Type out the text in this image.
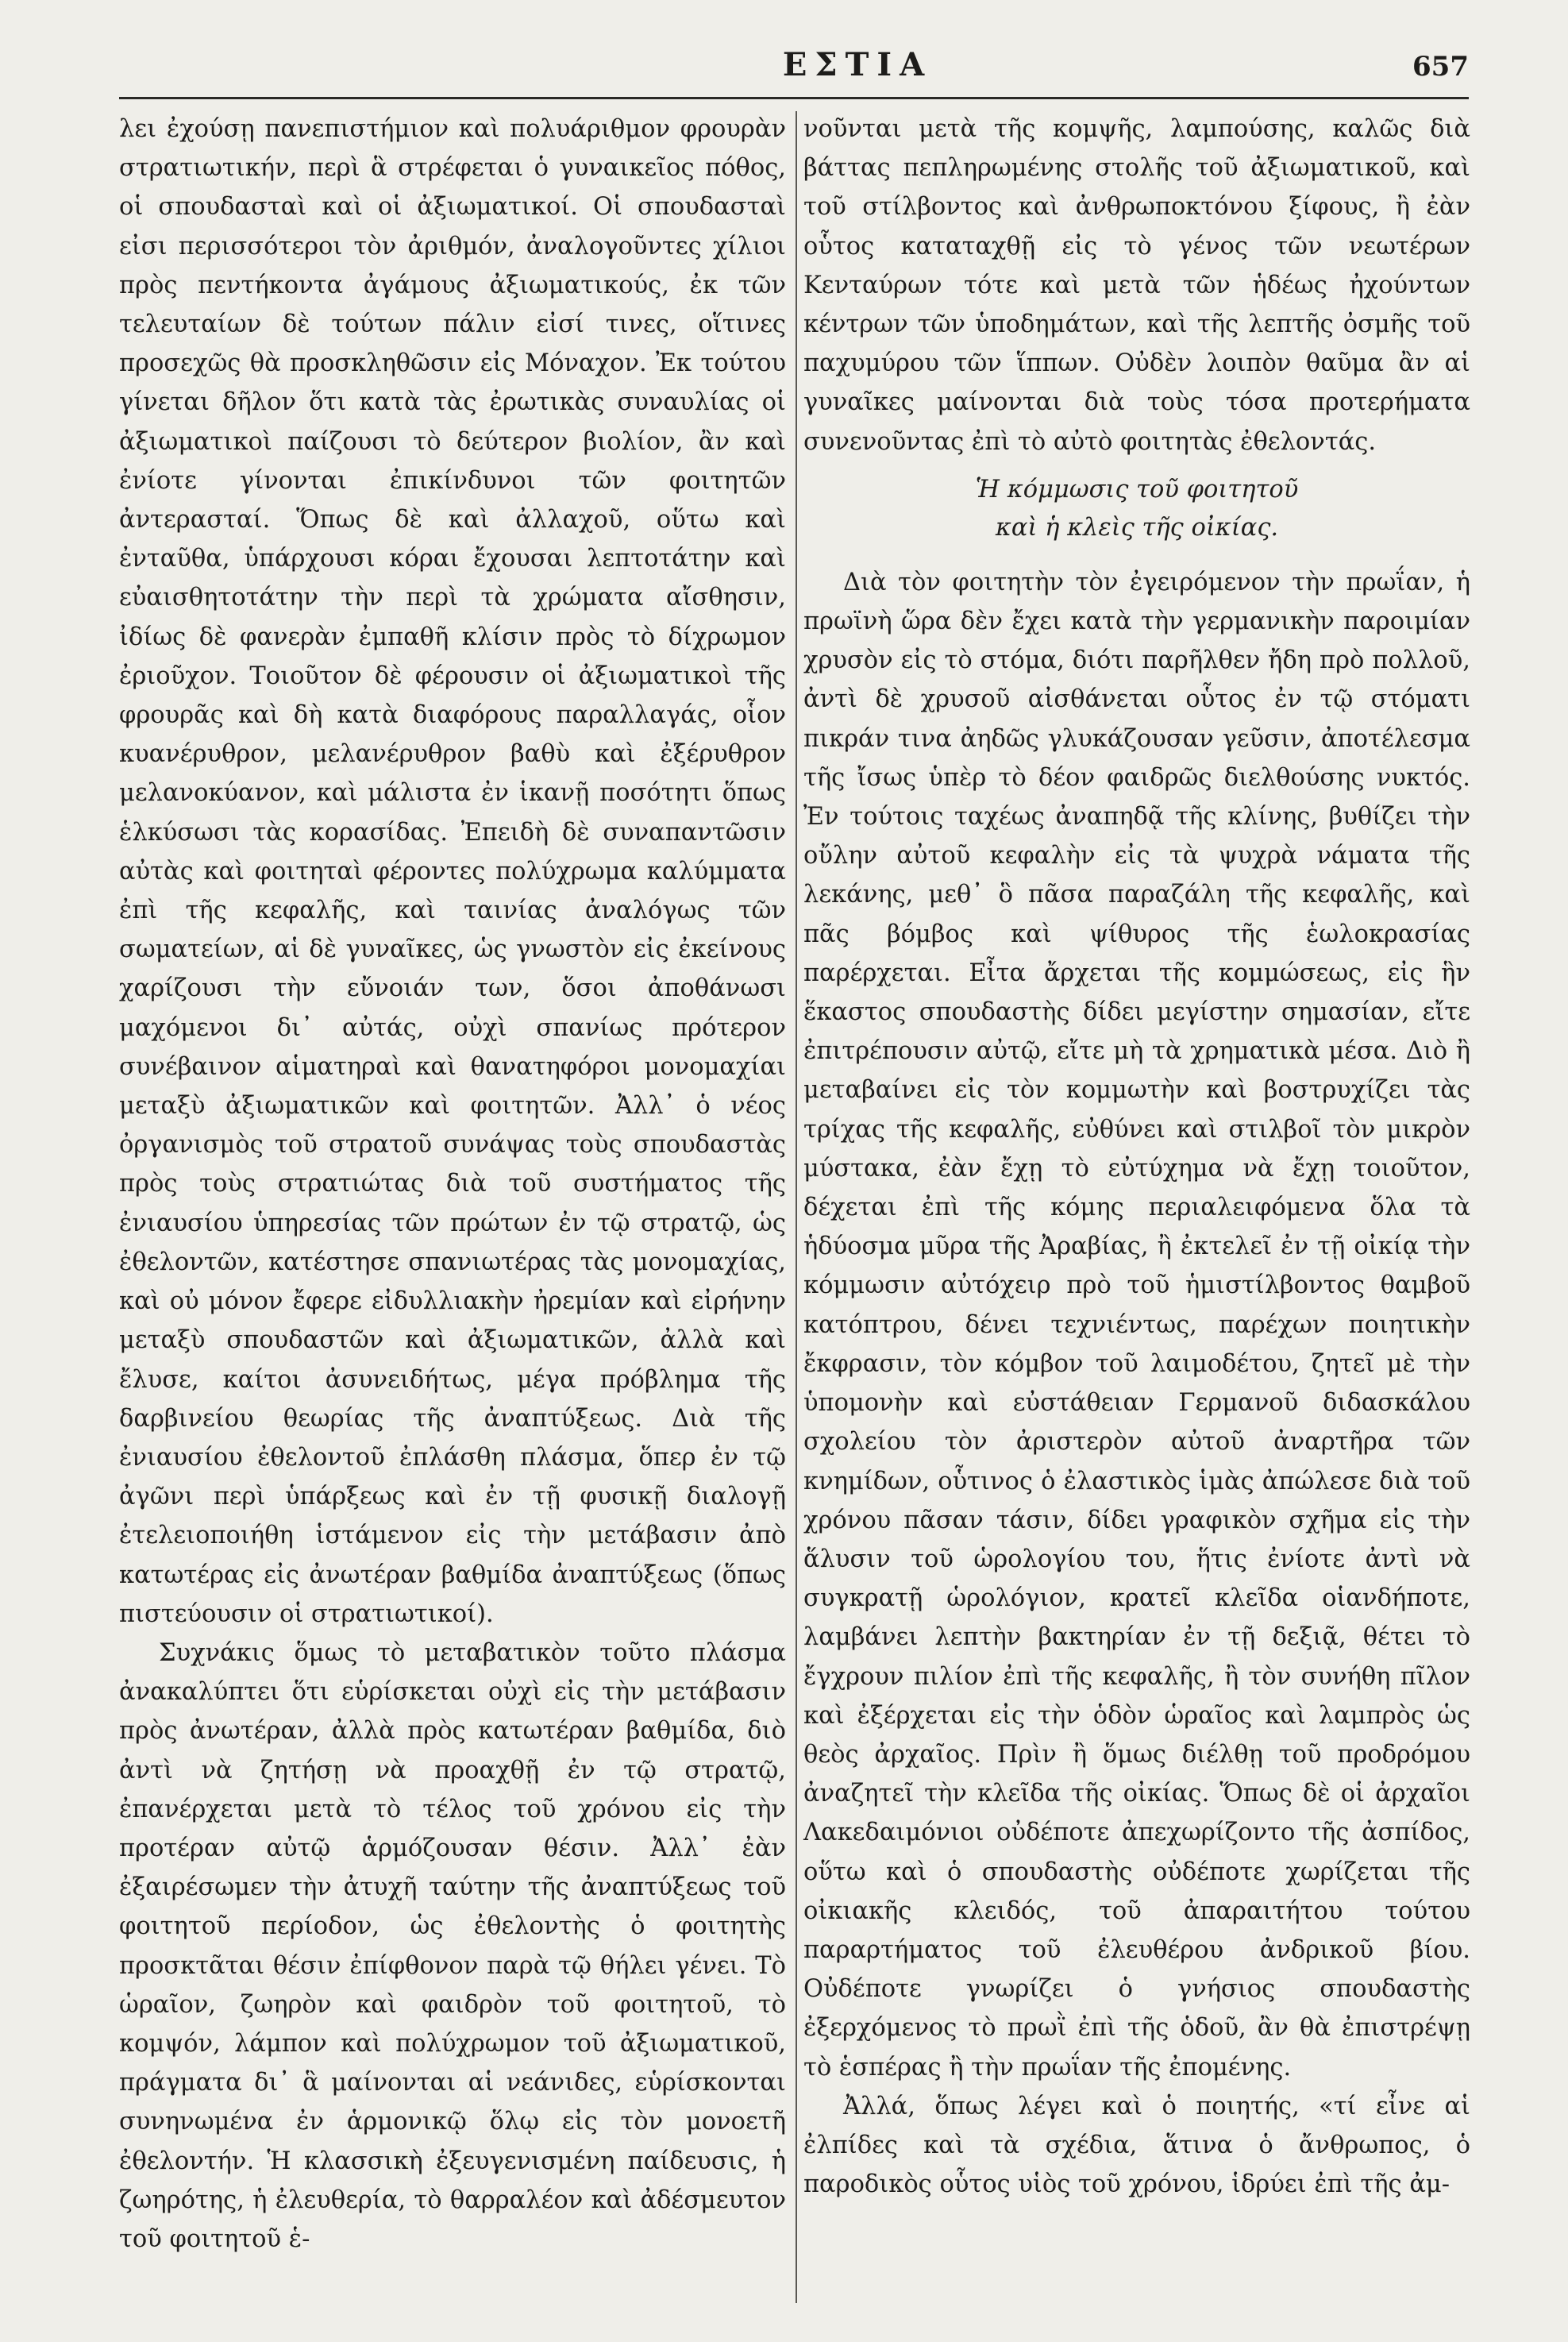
ΕΣΤΙΑ	657

λει ἐχούσῃ πανεπιστήμιον καὶ πολυάριθμον φρουρὰν στρατιωτικήν, περὶ ἃ στρέφεται ὁ γυναικεῖος πόθος, οἱ σπουδασταὶ καὶ οἱ ἀξιωματικοί. Οἱ σπουδασταὶ εἰσι περισσότεροι τὸν ἀριθμόν, ἀναλογοῦντες χίλιοι πρὸς πεντήκοντα ἀγάμους ἀξιωματικούς, ἐκ τῶν τελευταίων δὲ τούτων πάλιν εἰσί τινες, οἵτινες προσεχῶς θὰ προσκληθῶσιν εἰς Μόναχον. Ἐκ τούτου γίνεται δῆλον ὅτι κατὰ τὰς ἐρωτικὰς συναυλίας οἱ ἀξιωματικοὶ παίζουσι τὸ δεύτερον βιολίον, ἂν καὶ ἐνίοτε γίνονται ἐπικίνδυνοι τῶν φοιτητῶν ἀντερασταί. Ὅπως δὲ καὶ ἀλλαχοῦ, οὕτω καὶ ἐνταῦθα, ὑπάρχουσι κόραι ἔχουσαι λεπτοτάτην καὶ εὐαισθητοτάτην τὴν περὶ τὰ χρώματα αἴσθησιν, ἰδίως δὲ φανερὰν ἐμπαθῆ κλίσιν πρὸς τὸ δίχρωμον ἐριοῦχον. Τοιοῦτον δὲ φέρουσιν οἱ ἀξιωματικοὶ τῆς φρουρᾶς καὶ δὴ κατὰ διαφόρους παραλλαγάς, οἷον κυανέρυθρον, μελανέρυθρον βαθὺ καὶ ἐξέρυθρον μελανοκύανον, καὶ μάλιστα ἐν ἱκανῇ ποσότητι ὅπως ἑλκύσωσι τὰς κορασίδας. Ἐπειδὴ δὲ συναπαντῶσιν αὐτὰς καὶ φοιτηταὶ φέροντες πολύχρωμα καλύμματα ἐπὶ τῆς κεφαλῆς, καὶ ταινίας ἀναλόγως τῶν σωματείων, αἱ δὲ γυναῖκες, ὡς γνωστὸν εἰς ἐκείνους χαρίζουσι τὴν εὔνοιάν των, ὅσοι ἀποθάνωσι μαχόμενοι δι᾽ αὐτάς, οὐχὶ σπανίως πρότερον συνέβαινον αἱματηραὶ καὶ θανατηφόροι μονομαχίαι μεταξὺ ἀξιωματικῶν καὶ φοιτητῶν. Ἀλλ᾽ ὁ νέος ὀργανισμὸς τοῦ στρατοῦ συνάψας τοὺς σπουδαστὰς πρὸς τοὺς στρατιώτας διὰ τοῦ συστήματος τῆς ἐνιαυσίου ὑπηρεσίας τῶν πρώτων ἐν τῷ στρατῷ, ὡς ἐθελοντῶν, κατέστησε σπανιωτέρας τὰς μονομαχίας, καὶ οὐ μόνον ἔφερε εἰδυλλιακὴν ἠρεμίαν καὶ εἰρήνην μεταξὺ σπουδαστῶν καὶ ἀξιωματικῶν, ἀλλὰ καὶ ἔλυσε, καίτοι ἀσυνειδήτως, μέγα πρόβλημα τῆς δαρβινείου θεωρίας τῆς ἀναπτύξεως. Διὰ τῆς ἐνιαυσίου ἐθελοντοῦ ἐπλάσθη πλάσμα, ὅπερ ἐν τῷ ἀγῶνι περὶ ὑπάρξεως καὶ ἐν τῇ φυσικῇ διαλογῇ ἐτελειοποιήθη ἱστάμενον εἰς τὴν μετάβασιν ἀπὸ κατωτέρας εἰς ἀνωτέραν βαθμίδα ἀναπτύξεως (ὅπως πιστεύουσιν οἱ στρατιωτικοί).

Συχνάκις ὅμως τὸ μεταβατικὸν τοῦτο πλάσμα ἀνακαλύπτει ὅτι εὑρίσκεται οὐχὶ εἰς τὴν μετάβασιν πρὸς ἀνωτέραν, ἀλλὰ πρὸς κατωτέραν βαθμίδα, διὸ ἀντὶ νὰ ζητήσῃ νὰ προαχθῇ ἐν τῷ στρατῷ, ἐπανέρχεται μετὰ τὸ τέλος τοῦ χρόνου εἰς τὴν προτέραν αὐτῷ ἁρμόζουσαν θέσιν. Ἀλλ᾽ ἐὰν ἐξαιρέσωμεν τὴν ἀτυχῆ ταύτην τῆς ἀναπτύξεως τοῦ φοιτητοῦ περίοδον, ὡς ἐθελοντὴς ὁ φοιτητὴς προσκτᾶται θέσιν ἐπίφθονον παρὰ τῷ θήλει γένει. Τὸ ὡραῖον, ζωηρὸν καὶ φαιδρὸν τοῦ φοιτητοῦ, τὸ κομψόν, λάμπον καὶ πολύχρωμον τοῦ ἀξιωματικοῦ, πράγματα δι᾽ ἃ μαίνονται αἱ νεάνιδες, εὑρίσκονται συνηνωμένα ἐν ἁρμονικῷ ὅλῳ εἰς τὸν μονοετῆ ἐθελοντήν. Ἡ κλασσικὴ ἐξευγενισμένη παίδευσις, ἡ ζωηρότης, ἡ ἐλευθερία, τὸ θαρραλέον καὶ ἀδέσμευτον τοῦ φοιτητοῦ ἑ-

νοῦνται μετὰ τῆς κομψῆς, λαμπούσης, καλῶς διὰ βάττας πεπληρωμένης στολῆς τοῦ ἀξιωματικοῦ, καὶ τοῦ στίλβοντος καὶ ἀνθρωποκτόνου ξίφους, ἢ ἐὰν οὗτος καταταχθῇ εἰς τὸ γένος τῶν νεωτέρων Κενταύρων τότε καὶ μετὰ τῶν ἡδέως ἠχούντων κέντρων τῶν ὑποδημάτων, καὶ τῆς λεπτῆς ὀσμῆς τοῦ παχυμύρου τῶν ἵππων. Οὐδὲν λοιπὸν θαῦμα ἂν αἱ γυναῖκες μαίνονται διὰ τοὺς τόσα προτερήματα συνενοῦντας ἐπὶ τὸ αὐτὸ φοιτητὰς ἐθελοντάς.

Ἡ κόμμωσις τοῦ φοιτητοῦ
καὶ ἡ κλεὶς τῆς οἰκίας.

Διὰ τὸν φοιτητὴν τὸν ἐγειρόμενον τὴν πρωΐαν, ἡ πρωϊνὴ ὥρα δὲν ἔχει κατὰ τὴν γερμανικὴν παροιμίαν χρυσὸν εἰς τὸ στόμα, διότι παρῆλθεν ἤδη πρὸ πολλοῦ, ἀντὶ δὲ χρυσοῦ αἰσθάνεται οὗτος ἐν τῷ στόματι πικράν τινα ἀηδῶς γλυκάζουσαν γεῦσιν, ἀποτέλεσμα τῆς ἴσως ὑπὲρ τὸ δέον φαιδρῶς διελθούσης νυκτός. Ἐν τούτοις ταχέως ἀναπηδᾷ τῆς κλίνης, βυθίζει τὴν οὔλην αὐτοῦ κεφαλὴν εἰς τὰ ψυχρὰ νάματα τῆς λεκάνης, μεθ᾽ ὃ πᾶσα παραζάλη τῆς κεφαλῆς, καὶ πᾶς βόμβος καὶ ψίθυρος τῆς ἑωλοκρασίας παρέρχεται. Εἶτα ἄρχεται τῆς κομμώσεως, εἰς ἣν ἕκαστος σπουδαστὴς δίδει μεγίστην σημασίαν, εἴτε ἐπιτρέπουσιν αὐτῷ, εἴτε μὴ τὰ χρηματικὰ μέσα. Διὸ ἢ μεταβαίνει εἰς τὸν κομμωτὴν καὶ βοστρυχίζει τὰς τρίχας τῆς κεφαλῆς, εὐθύνει καὶ στιλβοῖ τὸν μικρὸν μύστακα, ἐὰν ἔχῃ τὸ εὐτύχημα νὰ ἔχῃ τοιοῦτον, δέχεται ἐπὶ τῆς κόμης περιαλειφόμενα ὅλα τὰ ἡδύοσμα μῦρα τῆς Ἀραβίας, ἢ ἐκτελεῖ ἐν τῇ οἰκίᾳ τὴν κόμμωσιν αὐτόχειρ πρὸ τοῦ ἡμιστίλβοντος θαμβοῦ κατόπτρου, δένει τεχνιέντως, παρέχων ποιητικὴν ἔκφρασιν, τὸν κόμβον τοῦ λαιμοδέτου, ζητεῖ μὲ τὴν ὑπομονὴν καὶ εὐστάθειαν Γερμανοῦ διδασκάλου σχολείου τὸν ἀριστερὸν αὐτοῦ ἀναρτῆρα τῶν κνημίδων, οὗτινος ὁ ἐλαστικὸς ἱμὰς ἀπώλεσε διὰ τοῦ χρόνου πᾶσαν τάσιν, δίδει γραφικὸν σχῆμα εἰς τὴν ἅλυσιν τοῦ ὡρολογίου του, ἥτις ἐνίοτε ἀντὶ νὰ συγκρατῇ ὡρολόγιον, κρατεῖ κλεῖδα οἱανδήποτε, λαμβάνει λεπτὴν βακτηρίαν ἐν τῇ δεξιᾷ, θέτει τὸ ἔγχρουν πιλίον ἐπὶ τῆς κεφαλῆς, ἢ τὸν συνήθη πῖλον καὶ ἐξέρχεται εἰς τὴν ὁδὸν ὡραῖος καὶ λαμπρὸς ὡς θεὸς ἀρχαῖος. Πρὶν ἢ ὅμως διέλθῃ τοῦ προδρόμου ἀναζητεῖ τὴν κλεῖδα τῆς οἰκίας. Ὅπως δὲ οἱ ἀρχαῖοι Λακεδαιμόνιοι οὐδέποτε ἀπεχωρίζοντο τῆς ἀσπίδος, οὕτω καὶ ὁ σπουδαστὴς οὐδέποτε χωρίζεται τῆς οἰκιακῆς κλειδός, τοῦ ἀπαραιτήτου τούτου παραρτήματος τοῦ ἐλευθέρου ἀνδρικοῦ βίου. Οὐδέποτε γνωρίζει ὁ γνήσιος σπουδαστὴς ἐξερχόμενος τὸ πρωῒ ἐπὶ τῆς ὁδοῦ, ἂν θὰ ἐπιστρέψῃ τὸ ἑσπέρας ἢ τὴν πρωΐαν τῆς ἐπομένης.

Ἀλλά, ὅπως λέγει καὶ ὁ ποιητής, «τί εἶνε αἱ ἐλπίδες καὶ τὰ σχέδια, ἅτινα ὁ ἄνθρωπος, ὁ παροδικὸς οὗτος υἱὸς τοῦ χρόνου, ἱδρύει ἐπὶ τῆς ἀμ-
